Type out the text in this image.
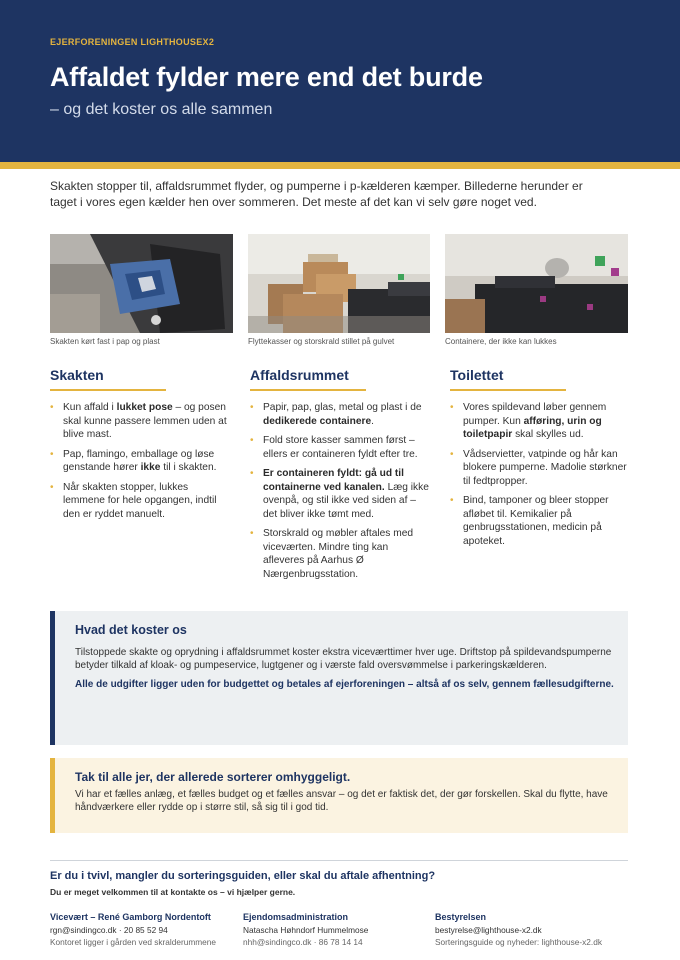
EJERFORENINGEN LIGHTHOUSEX2
Affaldet fylder mere end det burde
– og det koster os alle sammen

Skakten stopper til, affaldsrummet flyder, og pumperne i p-kælderen kæmper. Billederne herunder er taget i vores egen kælder hen over sommeren. Det meste af det kan vi selv gøre noget ved.

Skakten kørt fast i pap og plast	Flyttekasser og storskrald stillet på gulvet	Containere, der ikke kan lukkes
Skakten
• Kun affald i lukket pose – og posen skal kunne passere lemmen uden at blive mast.
• Pap, flamingo, emballage og løse genstande hører ikke til i skakten.
• Når skakten stopper, lukkes lemmene for hele opgangen, indtil den er ryddet manuelt.
Affaldsrummet
• Papir, pap, glas, metal og plast i de dedikerede containere.
• Fold store kasser sammen først – ellers er containeren fyldt efter tre.
• Er containeren fyldt: gå ud til containerne ved kanalen. Læg ikke ovenpå, og stil ikke ved siden af – det bliver ikke tømt med.
• Storskrald og møbler aftales med viceværten. Mindre ting kan afleveres på Aarhus Ø Nærgenbrugsstation.
Toilettet
• Vores spildevand løber gennem pumper. Kun afføring, urin og toiletpapir skal skylles ud.
• Vådservietter, vatpinde og hår kan blokere pumperne. Madolie størkner til fedtpropper.
• Bind, tamponer og bleer stopper afløbet til. Kemikalier på genbrugsstationen, medicin på apoteket.
Hvad det koster os

Tilstoppede skakte og oprydning i affaldsrummet koster ekstra viceværttimer hver uge. Driftstop på spildevandspumperne betyder tilkald af kloak- og pumpeservice, lugtgener og i værste fald oversvømmelse i parkeringskælderen.

Alle de udgifter ligger uden for budgettet og betales af ejerforeningen – altså af os selv, gennem fællesudgifterne.

Tak til alle jer, der allerede sorterer omhyggeligt.

Vi har et fælles anlæg, et fælles budget og et fælles ansvar – og det er faktisk det, der gør forskellen. Skal du flytte, have håndværkere eller rydde op i større stil, så sig til i god tid.

Er du i tvivl, mangler du sorteringsguiden, eller skal du aftale afhentning?
Du er meget velkommen til at kontakte os – vi hjælper gerne.
Vicevært – René Gamborg Nordentoft
rgn@sindingco.dk · 20 85 52 94
Kontoret ligger i gården ved skralderummene
Ejendomsadministration
Natascha Høhndorf Hummelmose
nhh@sindingco.dk · 86 78 14 14
Bestyrelsen
bestyrelse@lighthouse-x2.dk
Sorteringsguide og nyheder: lighthouse-x2.dk
